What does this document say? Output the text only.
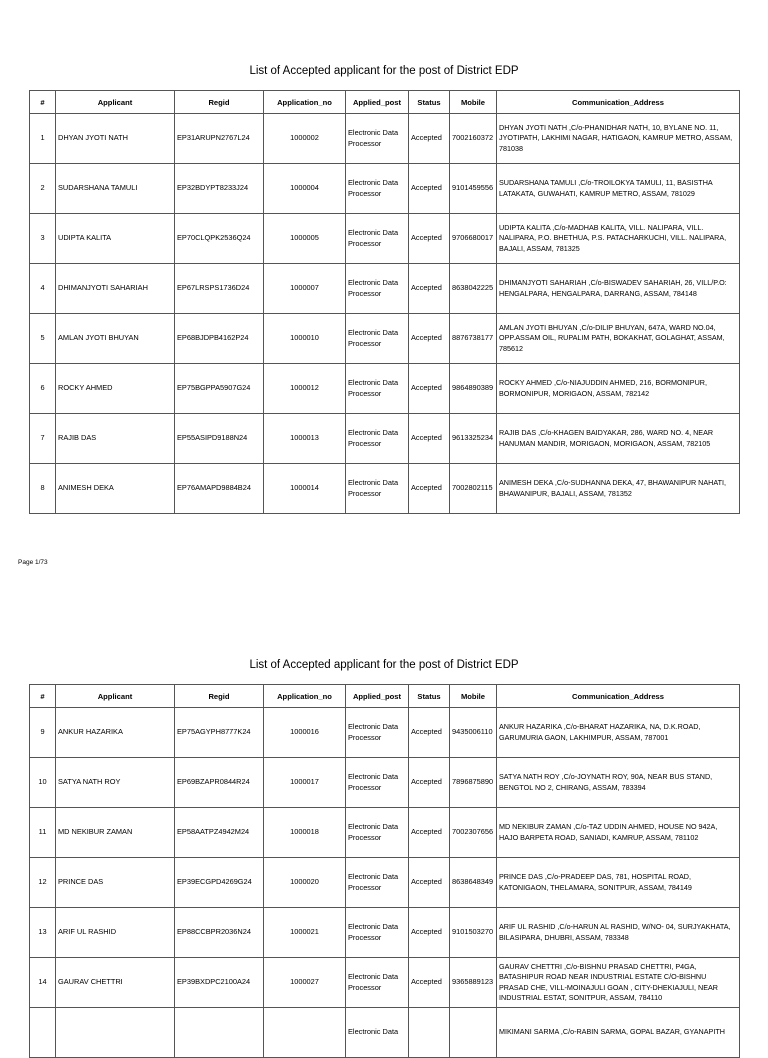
List of Accepted applicant for the post of District EDP
#	Applicant	Regid	Application_no	Applied_post	Status	Mobile	Communication_Address
1	DHYAN JYOTI NATH	EP31ARUPN2767L24	1000002	Electronic Data Processor	Accepted	7002160372	DHYAN JYOTI NATH ,C/o-PHANIDHAR NATH, 10, BYLANE NO. 11, JYOTIPATH, LAKHIMI NAGAR, HATIGAON, KAMRUP METRO, ASSAM, 781038
2	SUDARSHANA TAMULI	EP32BDYPT8233J24	1000004	Electronic Data Processor	Accepted	9101459556	SUDARSHANA TAMULI ,C/o-TROILOKYA TAMULI, 11, BASISTHA LATAKATA, GUWAHATI, KAMRUP METRO, ASSAM, 781029
3	UDIPTA KALITA	EP70CLQPK2536Q24	1000005	Electronic Data Processor	Accepted	9706680017	UDIPTA KALITA ,C/o-MADHAB KALITA, VILL. NALIPARA, VILL. NALIPARA, P.O. BHETHUA, P.S. PATACHARKUCHI, VILL. NALIPARA, BAJALI, ASSAM, 781325
4	DHIMANJYOTI SAHARIAH	EP67LRSPS1736D24	1000007	Electronic Data Processor	Accepted	8638042225	DHIMANJYOTI SAHARIAH ,C/o-BISWADEV SAHARIAH, 26, VILL/P.O: HENGALPARA, HENGALPARA, DARRANG, ASSAM, 784148
5	AMLAN JYOTI BHUYAN	EP68BJDPB4162P24	1000010	Electronic Data Processor	Accepted	8876738177	AMLAN JYOTI BHUYAN ,C/o-DILIP BHUYAN, 647A, WARD NO.04, OPP.ASSAM OIL, RUPALIM PATH, BOKAKHAT, GOLAGHAT, ASSAM, 785612
6	ROCKY AHMED	EP75BGPPA5907G24	1000012	Electronic Data Processor	Accepted	9864890389	ROCKY AHMED ,C/o-NIAJUDDIN AHMED, 216, BORMONIPUR, BORMONIPUR, MORIGAON, ASSAM, 782142
7	RAJIB DAS	EP55ASIPD9188N24	1000013	Electronic Data Processor	Accepted	9613325234	RAJIB DAS ,C/o-KHAGEN BAIDYAKAR, 286, WARD NO. 4, NEAR HANUMAN MANDIR, MORIGAON, MORIGAON, ASSAM, 782105
8	ANIMESH DEKA	EP76AMAPD9884B24	1000014	Electronic Data Processor	Accepted	7002802115	ANIMESH DEKA ,C/o-SUDHANNA DEKA, 47, BHAWANIPUR NAHATI, BHAWANIPUR, BAJALI, ASSAM, 781352
Page 1/73
List of Accepted applicant for the post of District EDP
#	Applicant	Regid	Application_no	Applied_post	Status	Mobile	Communication_Address
9	ANKUR HAZARIKA	EP75AGYPH8777K24	1000016	Electronic Data Processor	Accepted	9435006110	ANKUR HAZARIKA ,C/o-BHARAT HAZARIKA, NA, D.K.ROAD, GARUMURIA GAON, LAKHIMPUR, ASSAM, 787001
10	SATYA NATH ROY	EP69BZAPR0844R24	1000017	Electronic Data Processor	Accepted	7896875890	SATYA NATH ROY ,C/o-JOYNATH ROY, 90A, NEAR BUS STAND, BENGTOL NO 2, CHIRANG, ASSAM, 783394
11	MD NEKIBUR ZAMAN	EP58AATPZ4942M24	1000018	Electronic Data Processor	Accepted	7002307656	MD NEKIBUR ZAMAN ,C/o-TAZ UDDIN AHMED, HOUSE NO 942A, HAJO BARPETA ROAD, SANIADI, KAMRUP, ASSAM, 781102
12	PRINCE DAS	EP39ECGPD4269G24	1000020	Electronic Data Processor	Accepted	8638648349	PRINCE DAS ,C/o-PRADEEP DAS, 781, HOSPITAL ROAD, KATONIGAON, THELAMARA, SONITPUR, ASSAM, 784149
13	ARIF UL RASHID	EP88CCBPR2036N24	1000021	Electronic Data Processor	Accepted	9101503270	ARIF UL RASHID ,C/o-HARUN AL RASHID, W/NO- 04, SURJYAKHATA, BILASIPARA, DHUBRI, ASSAM, 783348
14	GAURAV CHETTRI	EP39BXDPC2100A24	1000027	Electronic Data Processor	Accepted	9365889123	GAURAV CHETTRI ,C/o-BISHNU PRASAD CHETTRI, P4GA, BATASHIPUR ROAD NEAR INDUSTRIAL ESTATE C/O-BISHNU PRASAD CHE, VILL-MOINAJULI GOAN , CITY-DHEKIAJULI, NEAR INDUSTRIAL ESTAT, SONITPUR, ASSAM, 784110
				Electronic Data			MIKIMANI SARMA ,C/o-RABIN SARMA, GOPAL BAZAR, GYANAPITH
